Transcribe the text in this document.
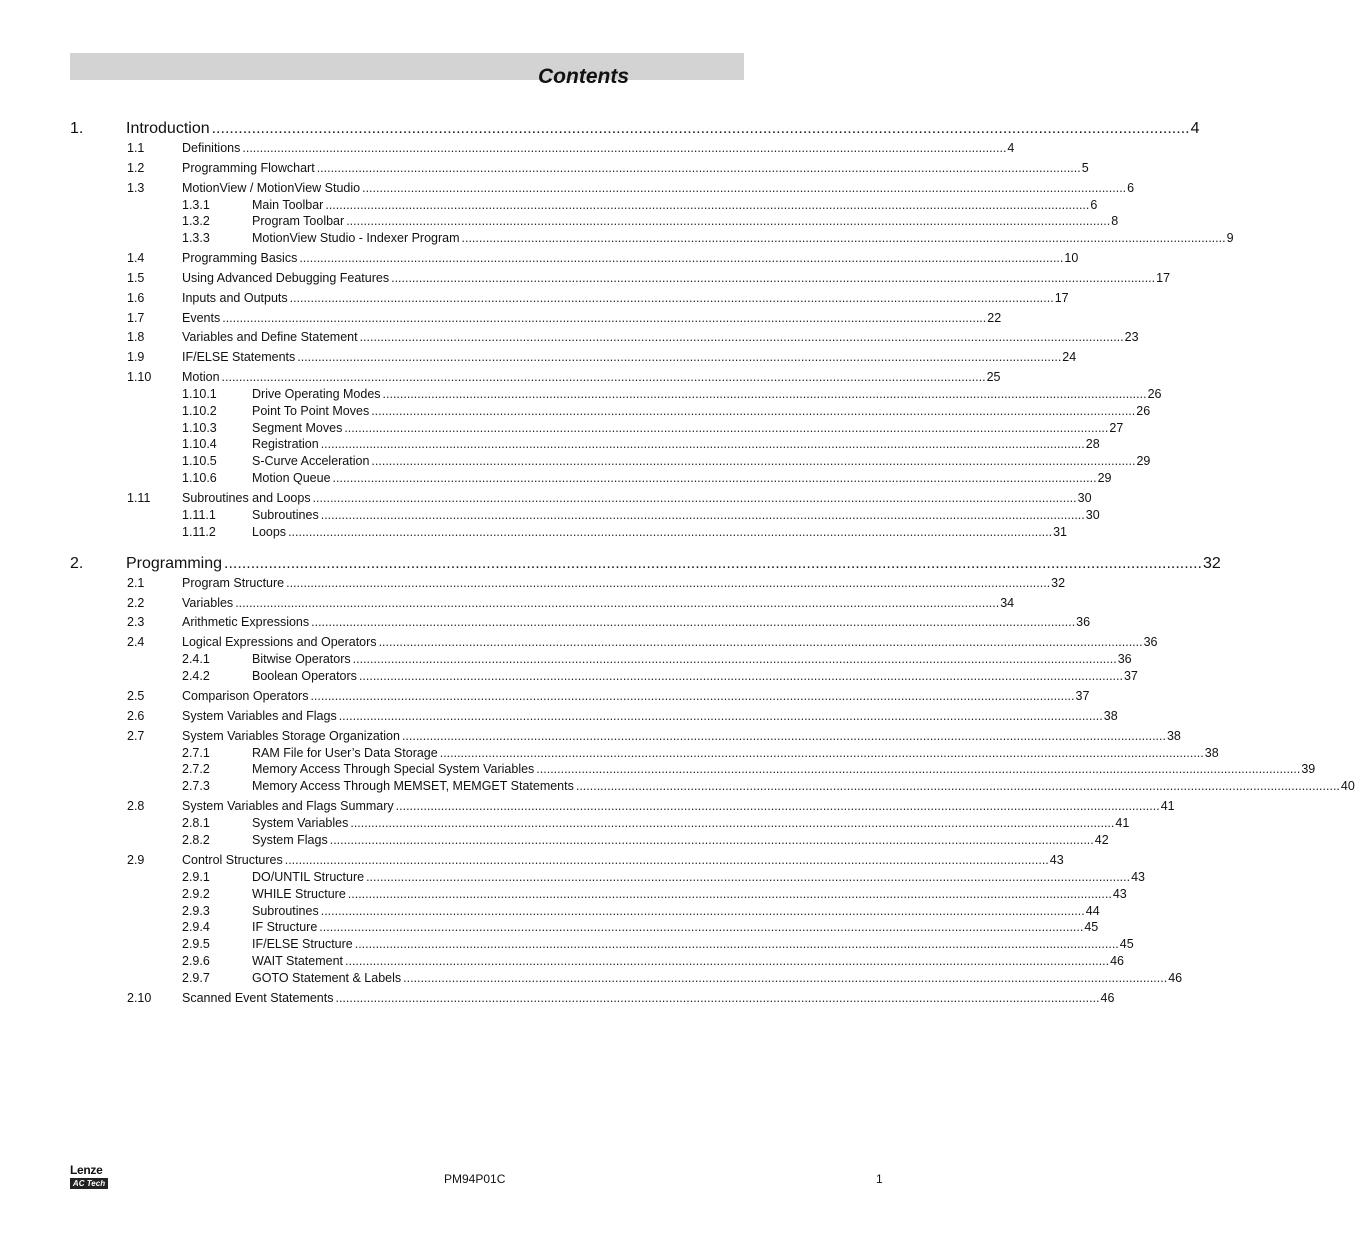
Contents
1.	Introduction ............................................................................................................................................................................................................................ 4
1.1	Definitions ............................................................................................................................................................................................................................ 4
1.2	Programming Flowchart ............................................................................................................................................................................................................................ 5
1.3	MotionView / MotionView Studio ............................................................................................................................................................................................................................ 6
1.3.1	Main Toolbar ............................................................................................................................................................................................................................ 6
1.3.2	Program Toolbar ............................................................................................................................................................................................................................ 8
1.3.3	MotionView Studio - Indexer Program ............................................................................................................................................................................................................................ 9
1.4	Programming Basics ............................................................................................................................................................................................................................ 10
1.5	Using Advanced Debugging Features ............................................................................................................................................................................................................................ 17
1.6	Inputs and Outputs ............................................................................................................................................................................................................................ 17
1.7	Events ............................................................................................................................................................................................................................ 22
1.8	Variables and Define Statement ............................................................................................................................................................................................................................ 23
1.9	IF/ELSE Statements ............................................................................................................................................................................................................................ 24
1.10 Motion ............................................................................................................................................................................................................................ 25
1.10.1	Drive Operating Modes ............................................................................................................................................................................................................................ 26
1.10.2	Point To Point Moves ............................................................................................................................................................................................................................ 26
1.10.3	Segment Moves ............................................................................................................................................................................................................................ 27
1.10.4	Registration ............................................................................................................................................................................................................................ 28
1.10.5	S-Curve Acceleration ............................................................................................................................................................................................................................ 29
1.10.6	Motion Queue ............................................................................................................................................................................................................................ 29
1.11	Subroutines and Loops ............................................................................................................................................................................................................................ 30
1.11.1	Subroutines ............................................................................................................................................................................................................................ 30
1.11.2	Loops ............................................................................................................................................................................................................................ 31
2.	Programming ............................................................................................................................................................................................................................ 32
2.1	Program Structure ............................................................................................................................................................................................................................ 32
2.2	Variables ............................................................................................................................................................................................................................ 34
2.3	Arithmetic Expressions ............................................................................................................................................................................................................................ 36
2.4	Logical Expressions and Operators ............................................................................................................................................................................................................................ 36
2.4.1	Bitwise Operators ............................................................................................................................................................................................................................ 36
2.4.2	Boolean Operators ............................................................................................................................................................................................................................ 37
2.5	Comparison Operators ............................................................................................................................................................................................................................ 37
2.6	System Variables and Flags ............................................................................................................................................................................................................................ 38
2.7	System Variables Storage Organization ............................................................................................................................................................................................................................ 38
2.7.1	RAM File for User’s Data Storage ............................................................................................................................................................................................................................ 38
2.7.2	Memory Access Through Special System Variables ............................................................................................................................................................................................................................ 39
2.7.3	Memory Access Through MEMSET, MEMGET Statements ............................................................................................................................................................................................................................ 40
2.8	System Variables and Flags Summary ............................................................................................................................................................................................................................ 41
2.8.1	System Variables ............................................................................................................................................................................................................................ 41
2.8.2	System Flags ............................................................................................................................................................................................................................ 42
2.9	Control Structures ............................................................................................................................................................................................................................ 43
2.9.1	DO/UNTIL Structure ............................................................................................................................................................................................................................ 43
2.9.2	WHILE Structure ............................................................................................................................................................................................................................ 43
2.9.3	Subroutines ............................................................................................................................................................................................................................ 44
2.9.4	IF Structure ............................................................................................................................................................................................................................ 45
2.9.5	IF/ELSE Structure ............................................................................................................................................................................................................................ 45
2.9.6	WAIT Statement ............................................................................................................................................................................................................................ 46
2.9.7	GOTO Statement & Labels ............................................................................................................................................................................................................................ 46
2.10 Scanned Event Statements ............................................................................................................................................................................................................................ 46
Lenze
AC Tech	PM94P01C	1
